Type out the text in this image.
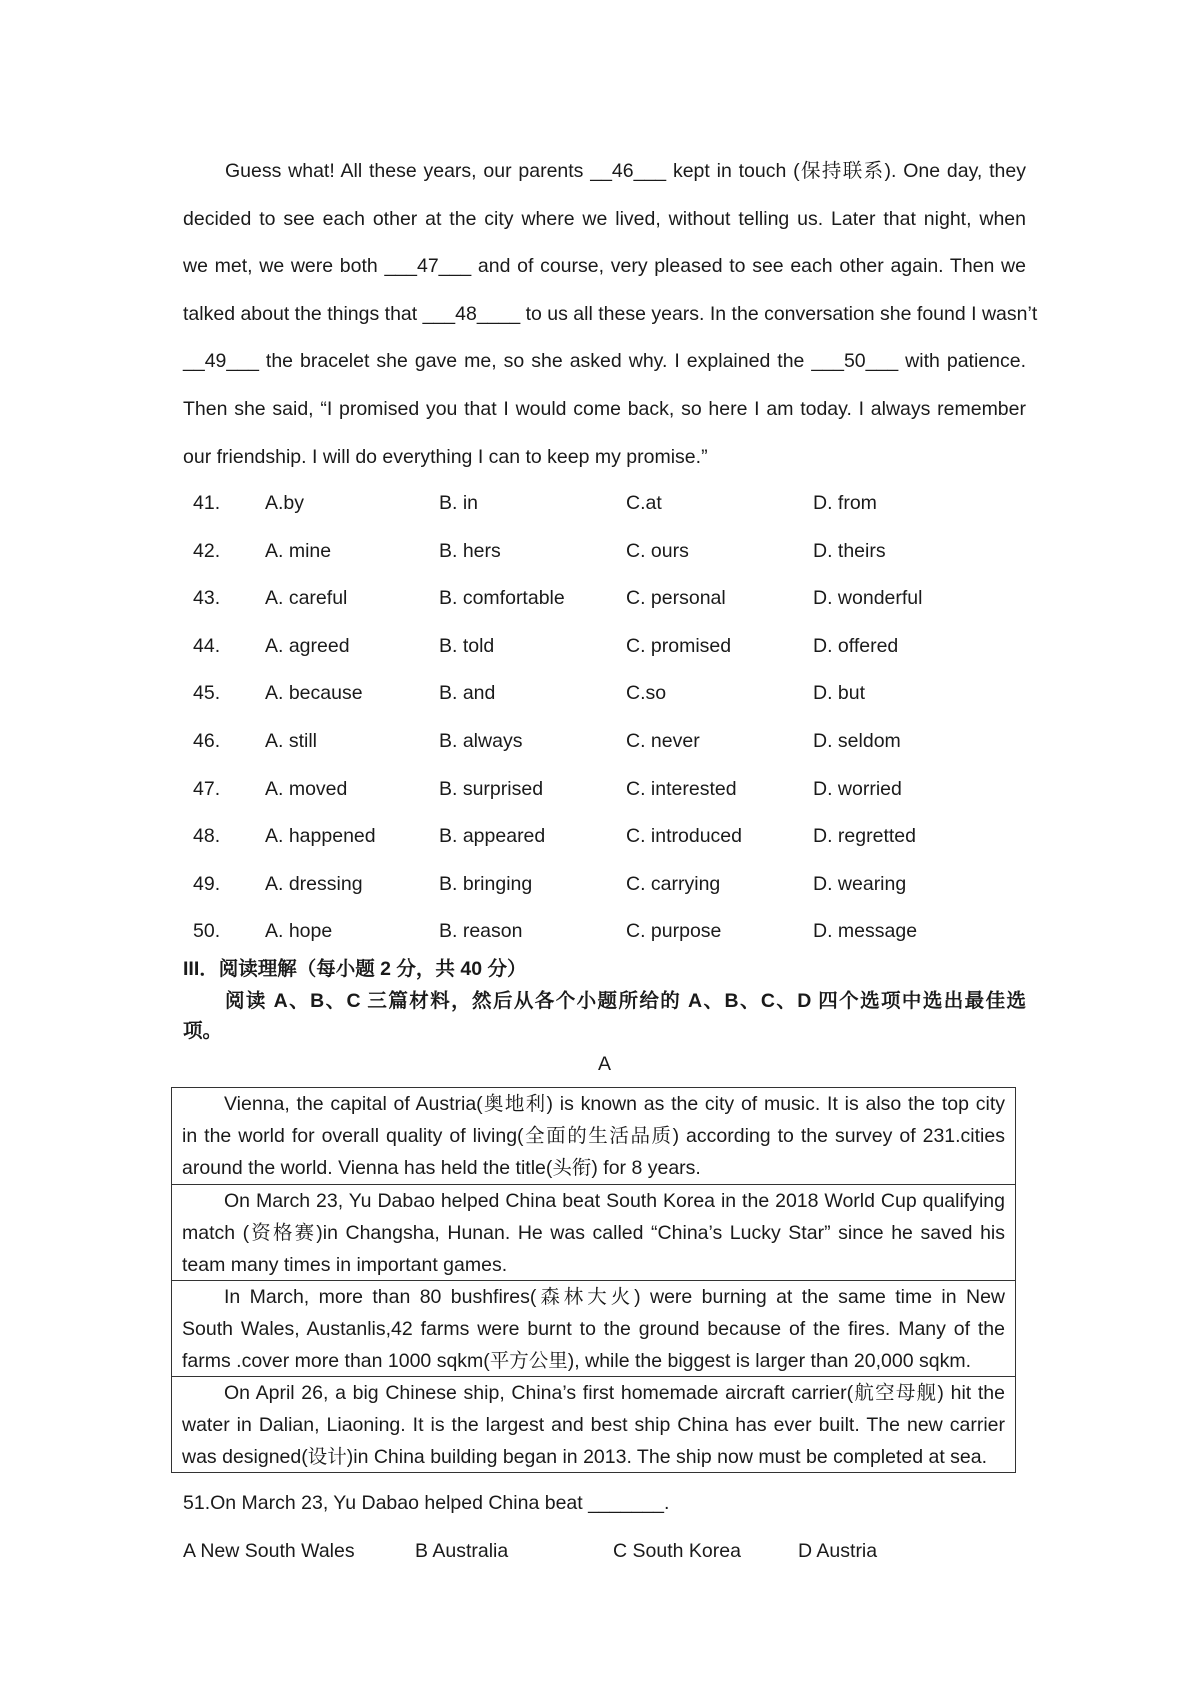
Guess what! All these years, our parents __46___ kept in touch (保持联系). One day, they
decided to see each other at the city where we lived, without telling us. Later that night, when
we met, we were both ___47___ and of course, very pleased to see each other again. Then we
talked about the things that ___48____ to us all these years. In the conversation she found I wasn’t
__49___ the bracelet she gave me, so she asked why. I explained the ___50___ with patience.
Then she said, “I promised you that I would come back, so here I am today. I always remember
our friendship. I will do everything I can to keep my promise.”
41. A.by	B. in	C.at	D. from
42. A. mine	B. hers	C. ours	D. theirs
43. A. careful	B. comfortable	C. personal	D. wonderful
44. A. agreed	B. told	C. promised	D. offered
45. A. because	B. and	C.so	D. but
46. A. still	B. always	C. never	D. seldom
47. A. moved	B. surprised	C. interested	D. worried
48. A. happened	B. appeared	C. introduced	D. regretted
49. A. dressing	B. bringing	C. carrying	D. wearing
50. A. hope	B. reason	C. purpose	D. message
III．阅读理解（每小题 2 分，共 40 分）
阅读 A、B、C 三篇材料，然后从各个小题所给的 A、B、C、D 四个选项中选出最佳选
项。
A
Vienna, the capital of Austria(奥地利) is known as the city of music. It is also the top city
in the world for overall quality of living(全面的生活品质) according to the survey of 231.cities
around the world. Vienna has held the title(头衔) for 8 years.
On March 23, Yu Dabao helped China beat South Korea in the 2018 World Cup qualifying
match (资格赛)in Changsha, Hunan. He was called “China’s Lucky Star” since he saved his
team many times in important games.
In March, more than 80 bushfires(森林大火) were burning at the same time in New
South Wales, Austanlis,42 farms were burnt to the ground because of the fires. Many of the
farms .cover more than 1000 sqkm(平方公里), while the biggest is larger than 20,000 sqkm.
On April 26, a big Chinese ship, China’s first homemade aircraft carrier(航空母舰) hit the
water in Dalian, Liaoning. It is the largest and best ship China has ever built. The new carrier
was designed(设计)in China building began in 2013. The ship now must be completed at sea.
51.On March 23, Yu Dabao helped China beat _______.
A New South Wales	B Australia	C South Korea	D Austria
